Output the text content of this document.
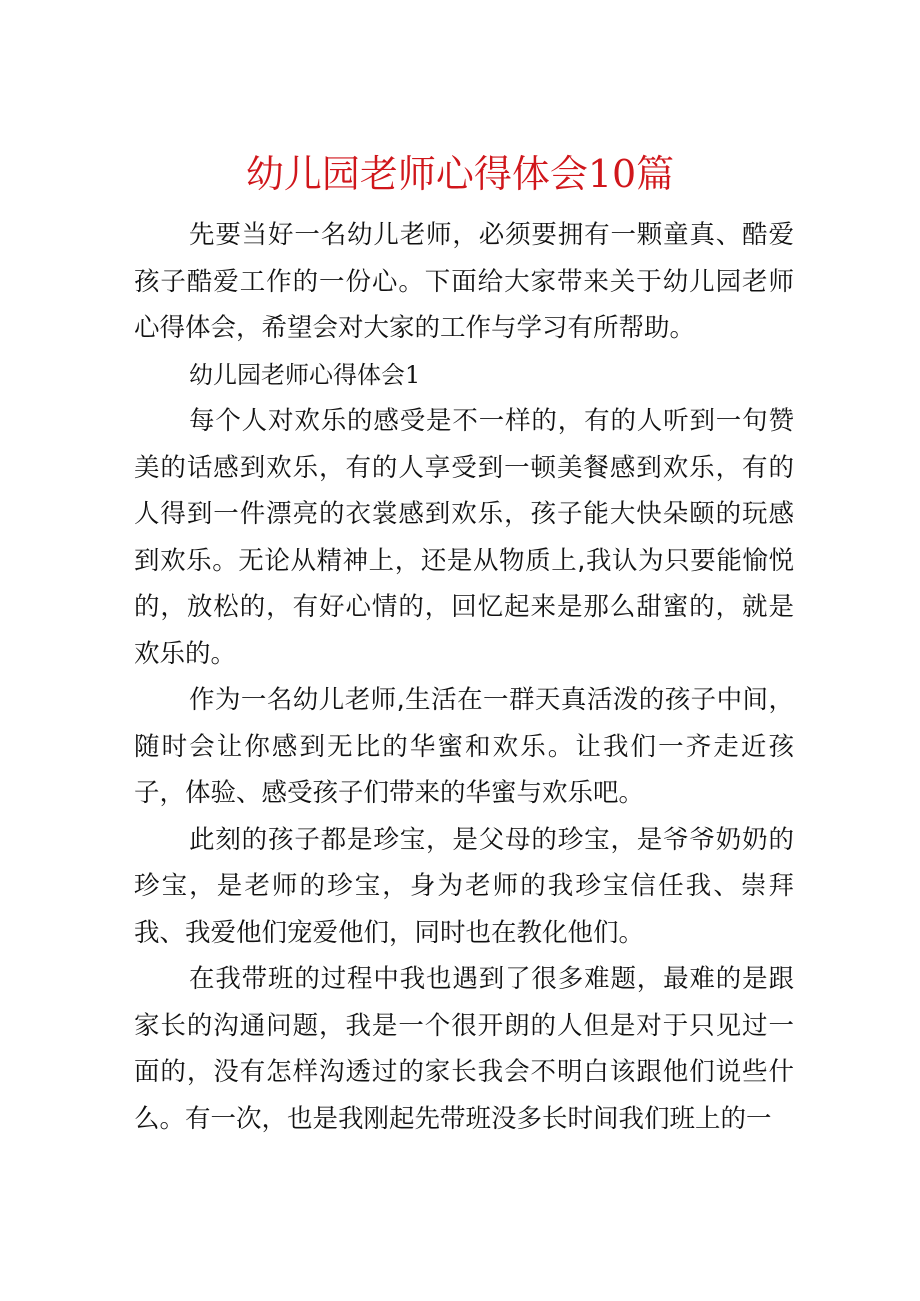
幼儿园老师心得体会10篇

先要当好一名幼儿老师，必须要拥有一颗童真、酷爱孩子酷爱工作的一份心。下面给大家带来关于幼儿园老师心得体会，希望会对大家的工作与学习有所帮助。

幼儿园老师心得体会1

每个人对欢乐的感受是不一样的，有的人听到一句赞美的话感到欢乐，有的人享受到一顿美餐感到欢乐，有的人得到一件漂亮的衣裳感到欢乐，孩子能大快朵颐的玩感到欢乐。无论从精神上，还是从物质上,我认为只要能愉悦的，放松的，有好心情的，回忆起来是那么甜蜜的，就是欢乐的。

作为一名幼儿老师,生活在一群天真活泼的孩子中间，随时会让你感到无比的华蜜和欢乐。让我们一齐走近孩子，体验、感受孩子们带来的华蜜与欢乐吧。

此刻的孩子都是珍宝，是父母的珍宝，是爷爷奶奶的珍宝，是老师的珍宝，身为老师的我珍宝信任我、崇拜我、我爱他们宠爱他们，同时也在教化他们。

在我带班的过程中我也遇到了很多难题，最难的是跟家长的沟通问题，我是一个很开朗的人但是对于只见过一面的，没有怎样沟透过的家长我会不明白该跟他们说些什么。有一次，也是我刚起先带班没多长时间我们班上的一
